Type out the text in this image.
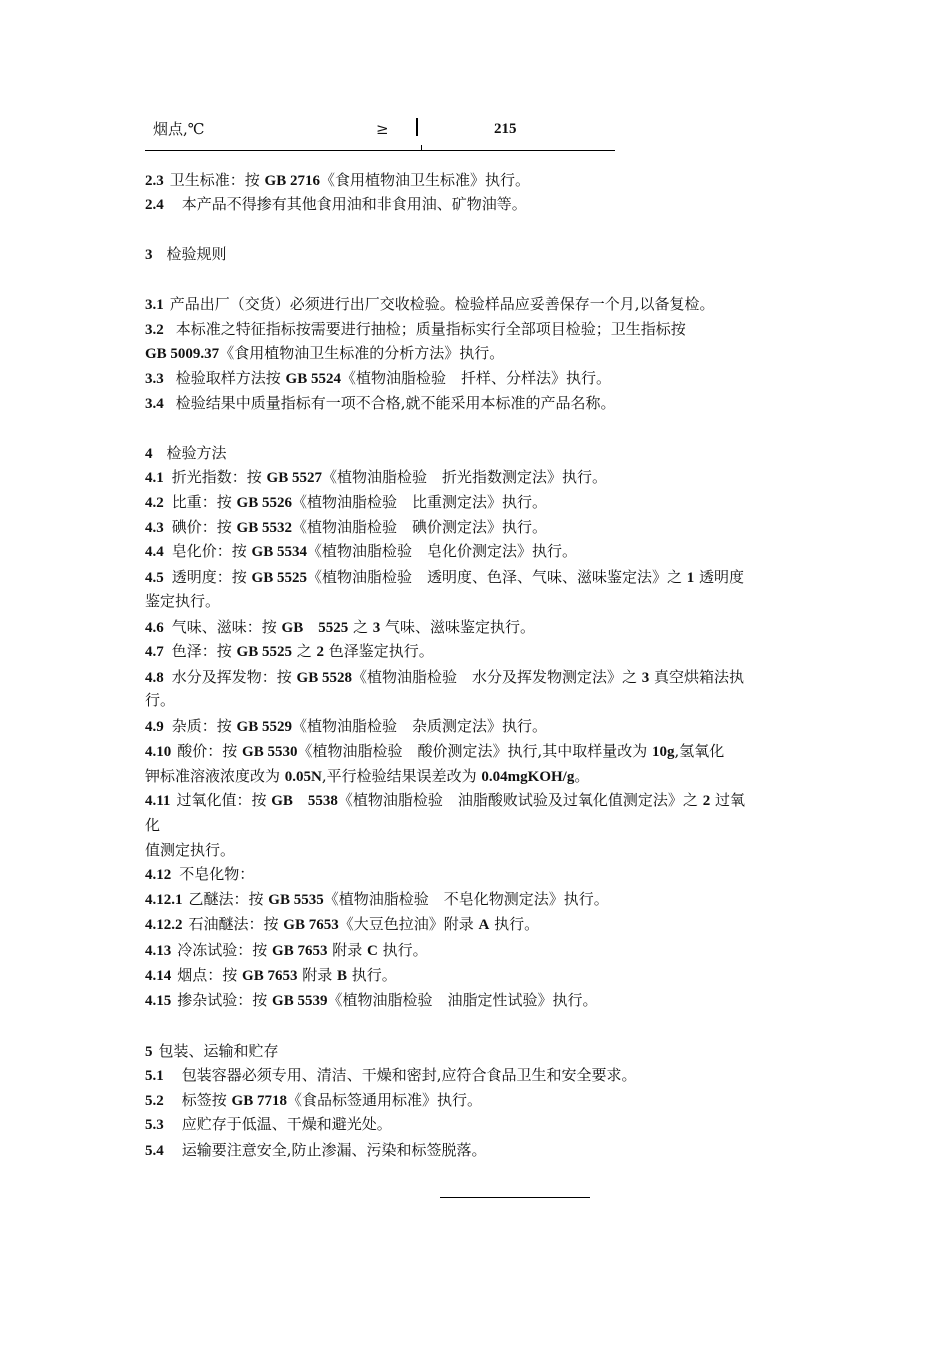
烟点,℃	≥	215
2.3 卫生标准：按 GB 2716《食用植物油卫生标准》执行。
2.4 本产品不得掺有其他食用油和非食用油、矿物油等。
3 检验规则
3.1 产品出厂（交货）必须进行出厂交收检验。检验样品应妥善保存一个月,以备复检。
3.2 本标准之特征指标按需要进行抽检；质量指标实行全部项目检验；卫生指标按
GB 5009.37《食用植物油卫生标准的分析方法》执行。
3.3 检验取样方法按 GB 5524《植物油脂检验　扦样、分样法》执行。
3.4 检验结果中质量指标有一项不合格,就不能采用本标准的产品名称。
4 检验方法
4.1 折光指数：按 GB 5527《植物油脂检验　折光指数测定法》执行。
4.2 比重：按 GB 5526《植物油脂检验　比重测定法》执行。
4.3 碘价：按 GB 5532《植物油脂检验　碘价测定法》执行。
4.4 皂化价：按 GB 5534《植物油脂检验　皂化价测定法》执行。
4.5 透明度：按 GB 5525《植物油脂检验　透明度、色泽、气味、滋味鉴定法》之 1 透明度
鉴定执行。
4.6 气味、滋味：按 GB　5525 之 3 气味、滋味鉴定执行。
4.7 色泽：按 GB 5525 之 2 色泽鉴定执行。
4.8 水分及挥发物：按 GB 5528《植物油脂检验　水分及挥发物测定法》之 3 真空烘箱法执
行。
4.9 杂质：按 GB 5529《植物油脂检验　杂质测定法》执行。
4.10 酸价：按 GB 5530《植物油脂检验　酸价测定法》执行,其中取样量改为 10g,氢氧化
钾标准溶液浓度改为 0.05N,平行检验结果误差改为 0.04mgKOH/g。
4.11 过氧化值：按 GB　5538《植物油脂检验　油脂酸败试验及过氧化值测定法》之 2 过氧
化
值测定执行。
4.12 不皂化物：
4.12.1 乙醚法：按 GB 5535《植物油脂检验　不皂化物测定法》执行。
4.12.2 石油醚法：按 GB 7653《大豆色拉油》附录 A 执行。
4.13 冷冻试验：按 GB 7653 附录 C 执行。
4.14 烟点：按 GB 7653 附录 B 执行。
4.15 掺杂试验：按 GB 5539《植物油脂检验　油脂定性试验》执行。
5 包装、运输和贮存
5.1 包装容器必须专用、清洁、干燥和密封,应符合食品卫生和安全要求。
5.2 标签按 GB 7718《食品标签通用标准》执行。
5.3 应贮存于低温、干燥和避光处。
5.4 运输要注意安全,防止渗漏、污染和标签脱落。
